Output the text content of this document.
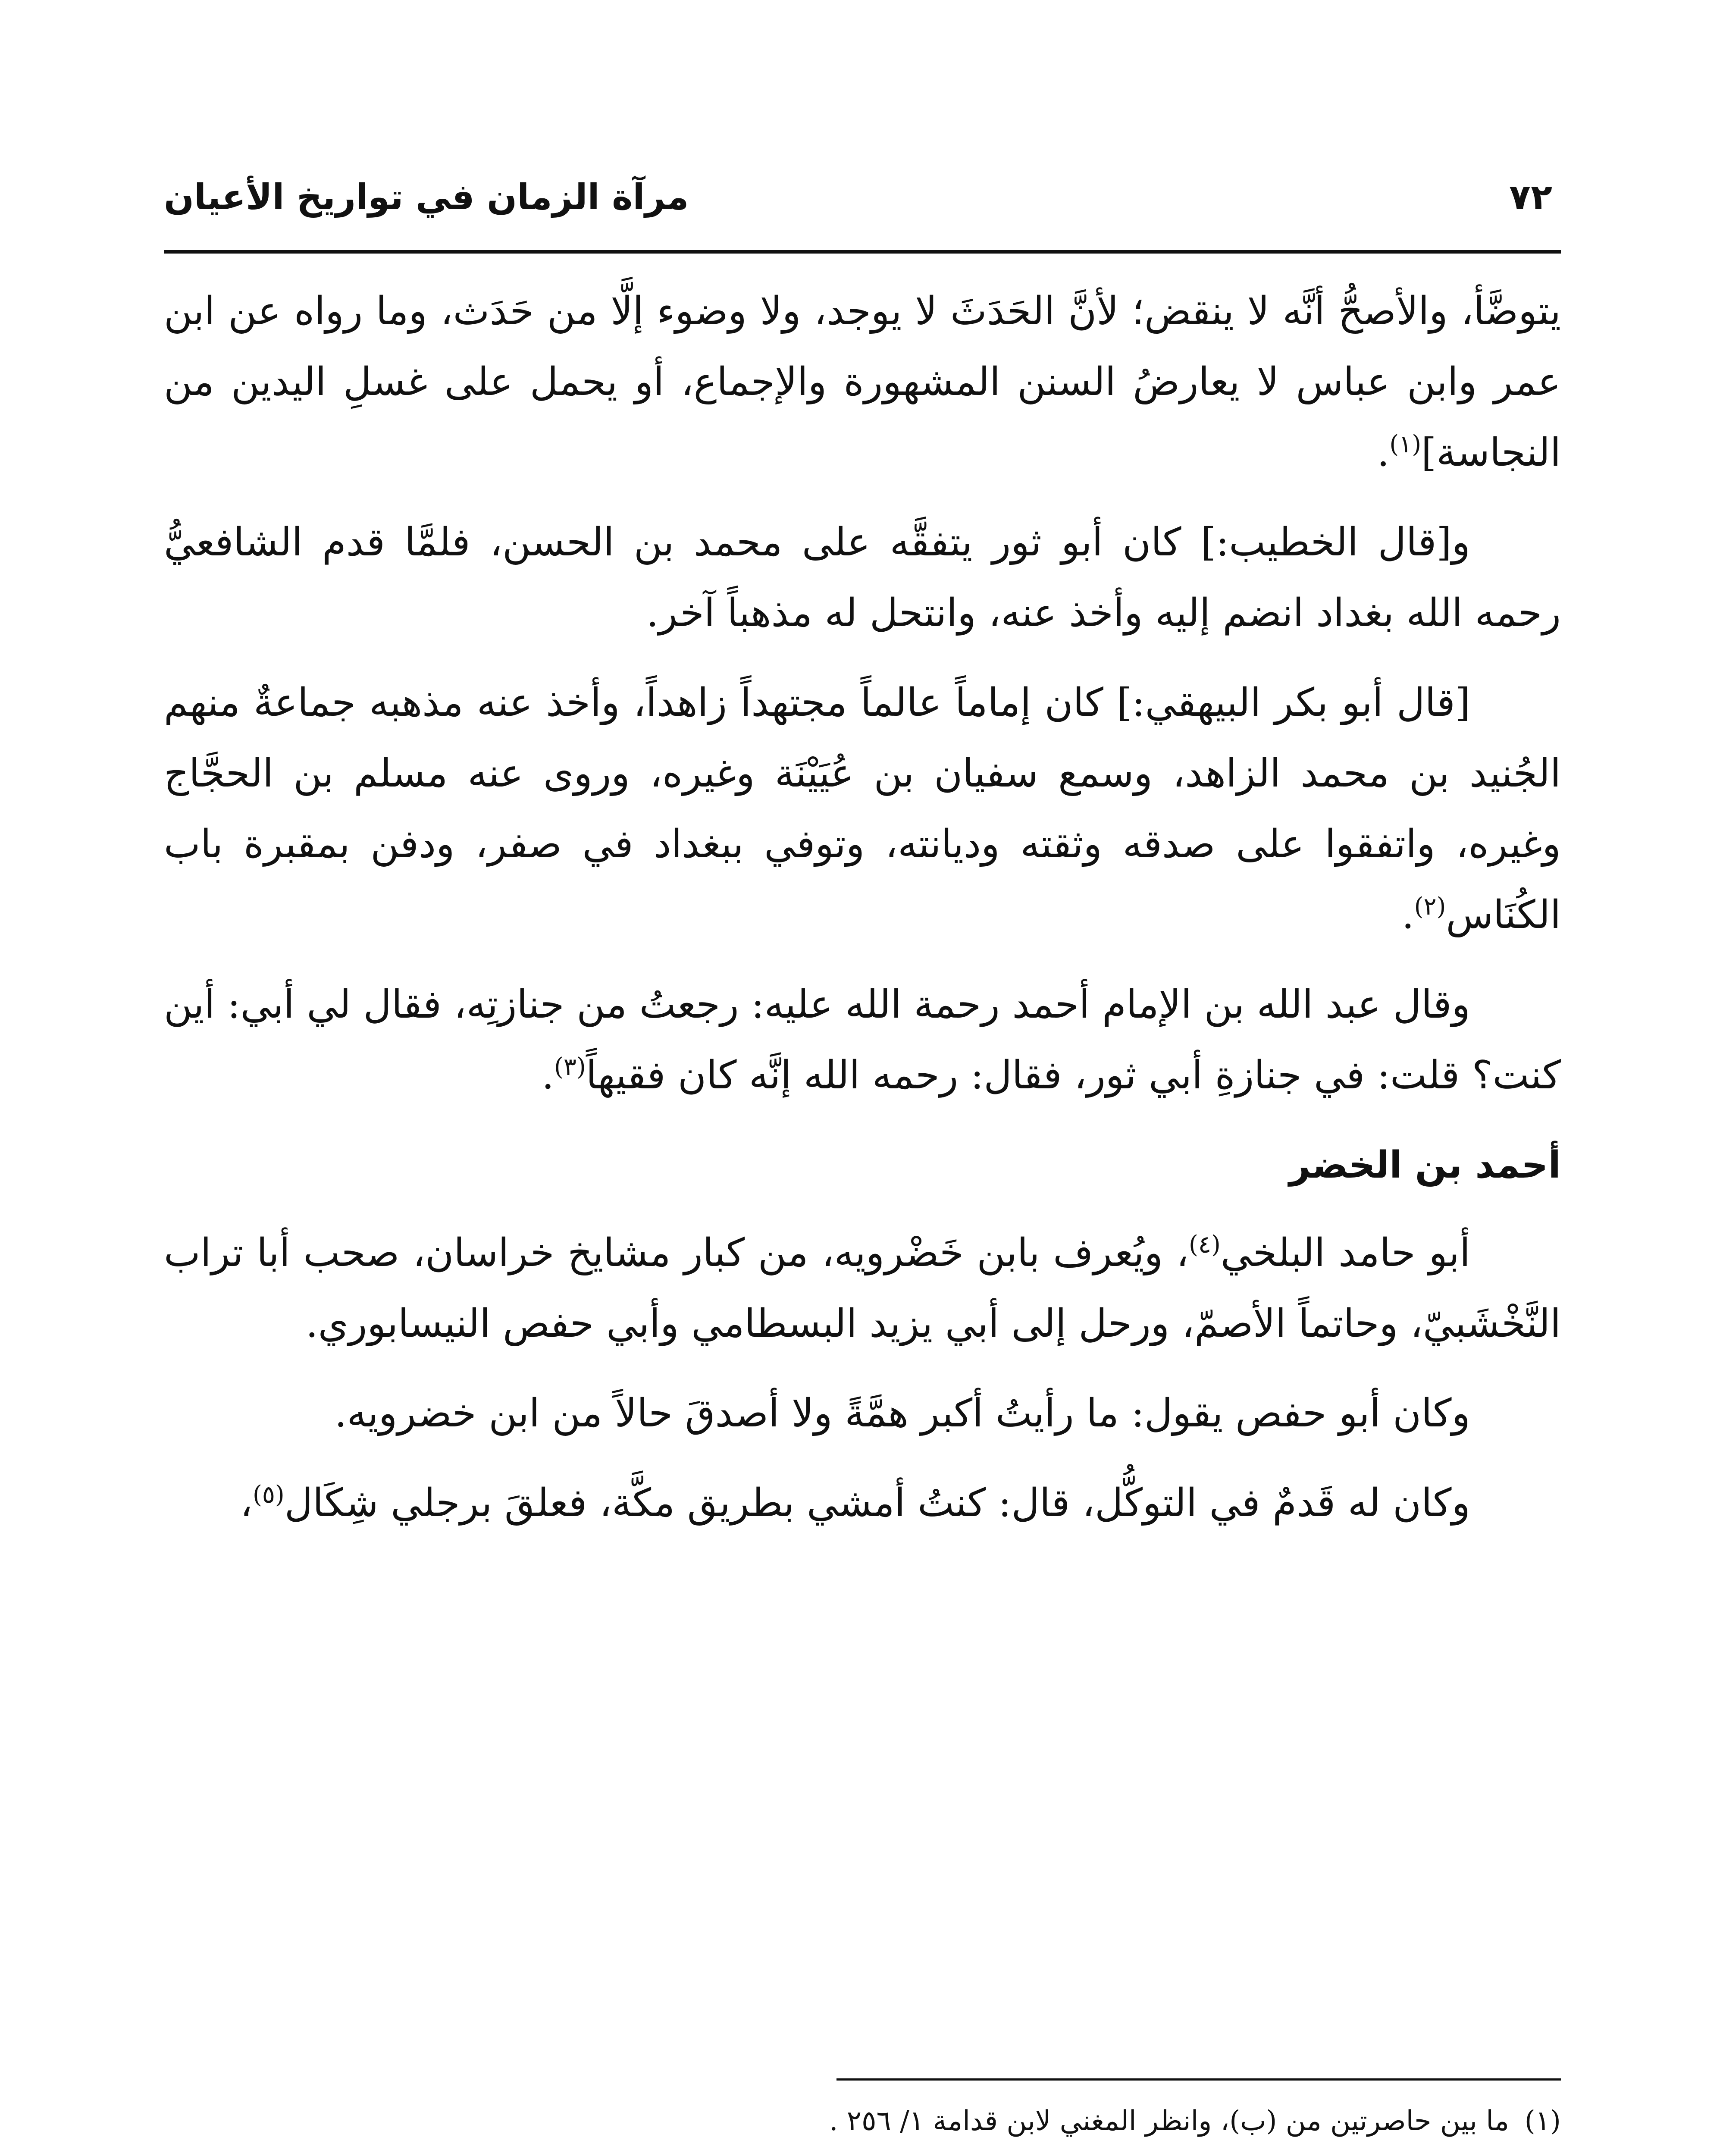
٧٢
مرآة الزمان في تواريخ الأعيان

يتوضَّأ، والأصحُّ أنَّه لا ينقض؛ لأنَّ الحَدَثَ لا يوجد، ولا وضوء إلَّا من حَدَث، وما رواه عن ابن عمر وابن عباس لا يعارضُ السنن المشهورة والإجماع، أو يحمل على غسلِ اليدين من النجاسة]$^{(١)}$.

و[قال الخطيب:] كان أبو ثور يتفقَّه على محمد بن الحسن، فلمَّا قدم الشافعيُّ رحمه الله بغداد انضم إليه وأخذ عنه، وانتحل له مذهباً آخر.

[قال أبو بكر البيهقي:] كان إماماً عالماً مجتهداً زاهداً، وأخذ عنه مذهبه جماعةٌ منهم الجُنيد بن محمد الزاهد، وسمع سفيان بن عُيَيْنَة وغيره، وروى عنه مسلم بن الحجَّاج وغيره، واتفقوا على صدقه وثقته وديانته، وتوفي ببغداد في صفر، ودفن بمقبرة باب الكُنَاس$^{(٢)}$.

وقال عبد الله بن الإمام أحمد رحمة الله عليه: رجعتُ من جنازتِه، فقال لي أبي: أين كنت؟ قلت: في جنازةِ أبي ثور، فقال: رحمه الله إنَّه كان فقيهاً$^{(٣)}$.

أحمد بن الخضر

أبو حامد البلخي$^{(٤)}$، ويُعرف بابن خَضْرويه، من كبار مشايخ خراسان، صحب أبا تراب النَّخْشَبيّ، وحاتماً الأصمّ، ورحل إلى أبي يزيد البسطامي وأبي حفص النيسابوري.

وكان أبو حفص يقول: ما رأيتُ أكبر همَّةً ولا أصدقَ حالاً من ابن خضرويه.

وكان له قَدمٌ في التوكُّل، قال: كنتُ أمشي بطريق مكَّة، فعلقَ برجلي شِكَال$^{(٥)}$،

(١)
ما بين حاصرتين من (ب)، وانظر المغني لابن قدامة ١/ ٢٥٦ .
